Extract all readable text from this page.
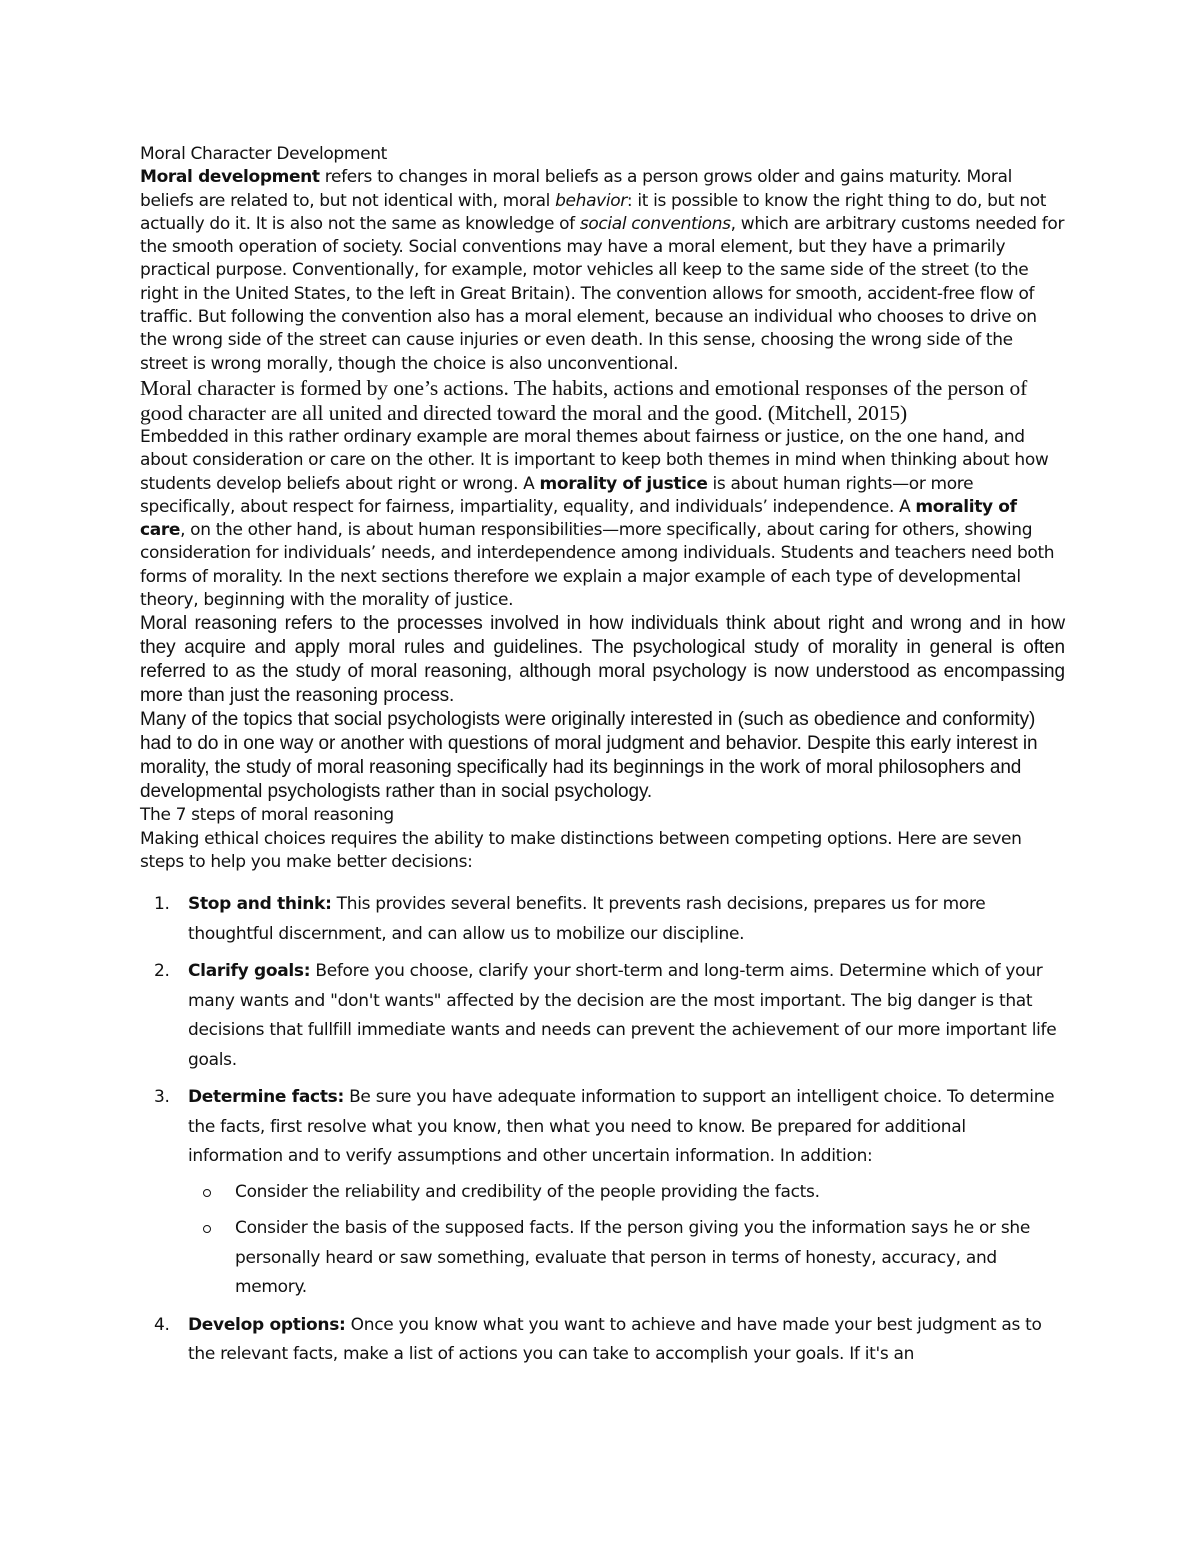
Moral Character Development

Moral development refers to changes in moral beliefs as a person grows older and gains maturity. Moral beliefs are related to, but not identical with, moral behavior: it is possible to know the right thing to do, but not actually do it. It is also not the same as knowledge of social conventions, which are arbitrary customs needed for the smooth operation of society. Social conventions may have a moral element, but they have a primarily practical purpose. Conventionally, for example, motor vehicles all keep to the same side of the street (to the right in the United States, to the left in Great Britain). The convention allows for smooth, accident-free flow of traffic. But following the convention also has a moral element, because an individual who chooses to drive on the wrong side of the street can cause injuries or even death. In this sense, choosing the wrong side of the street is wrong morally, though the choice is also unconventional.

Moral character is formed by one’s actions. The habits, actions and emotional responses of the person of good character are all united and directed toward the moral and the good. (Mitchell, 2015)

Embedded in this rather ordinary example are moral themes about fairness or justice, on the one hand, and about consideration or care on the other. It is important to keep both themes in mind when thinking about how students develop beliefs about right or wrong. A morality of justice is about human rights—or more specifically, about respect for fairness, impartiality, equality, and individuals’ independence. A morality of care, on the other hand, is about human responsibilities—more specifically, about caring for others, showing consideration for individuals’ needs, and interdependence among individuals. Students and teachers need both forms of morality. In the next sections therefore we explain a major example of each type of developmental theory, beginning with the morality of justice.

Moral reasoning refers to the processes involved in how individuals think about right and wrong and in how they acquire and apply moral rules and guidelines. The psychological study of morality in general is often referred to as the study of moral reasoning, although moral psychology is now understood as encompassing more than just the reasoning process.

Many of the topics that social psychologists were originally interested in (such as obedience and conformity) had to do in one way or another with questions of moral judgment and behavior. Despite this early interest in morality, the study of moral reasoning specifically had its beginnings in the work of moral philosophers and developmental psychologists rather than in social psychology.

The 7 steps of moral reasoning

Making ethical choices requires the ability to make distinctions between competing options. Here are seven steps to help you make better decisions:

1. Stop and think: This provides several benefits. It prevents rash decisions, prepares us for more thoughtful discernment, and can allow us to mobilize our discipline.
2. Clarify goals: Before you choose, clarify your short-term and long-term aims. Determine which of your many wants and "don't wants" affected by the decision are the most important. The big danger is that decisions that fullfill immediate wants and needs can prevent the achievement of our more important life goals.
3. Determine facts: Be sure you have adequate information to support an intelligent choice. To determine the facts, first resolve what you know, then what you need to know. Be prepared for additional information and to verify assumptions and other uncertain information. In addition:
Consider the reliability and credibility of the people providing the facts.
Consider the basis of the supposed facts. If the person giving you the information says he or she personally heard or saw something, evaluate that person in terms of honesty, accuracy, and memory.
4. Develop options: Once you know what you want to achieve and have made your best judgment as to the relevant facts, make a list of actions you can take to accomplish your goals. If it's an
